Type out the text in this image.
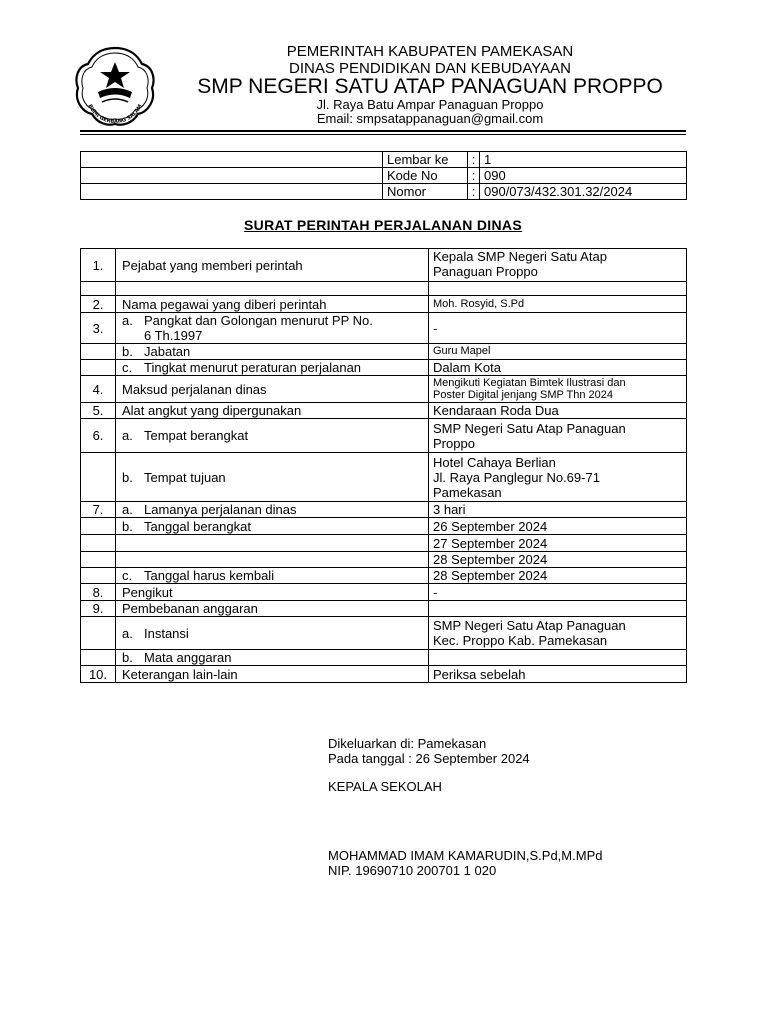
BUMI GERBANG SALAM
PEMERINTAH KABUPATEN PAMEKASAN
DINAS PENDIDIKAN DAN KEBUDAYAAN
SMP NEGERI SATU ATAP PANAGUAN PROPPO
Jl. Raya Batu Ampar Panaguan Proppo
Email: smpsatappanaguan@gmail.com
	Lembar ke	:	1
	Kode No	:	090
	Nomor	:	090/073/432.301.32/2024
SURAT PERINTAH PERJALANAN DINAS
1.	Pejabat yang memberi perintah	Kepala SMP Negeri Satu Atap
Panaguan Proppo

2.	Nama pegawai yang diberi perintah	Moh. Rosyid, S.Pd
3.	a. Pangkat dan Golongan menurut PP No.
6 Th.1997	-
	b. Jabatan	Guru Mapel
	c. Tingkat menurut peraturan perjalanan	Dalam Kota
4.	Maksud perjalanan dinas	Mengikuti Kegiatan Bimtek Ilustrasi dan
Poster Digital jenjang SMP Thn 2024

5.	Alat angkut yang dipergunakan	Kendaraan Roda Dua
6.	a. Tempat berangkat	SMP Negeri Satu Atap Panaguan
Proppo

	b. Tempat tujuan	Hotel Cahaya Berlian
Jl. Raya Panglegur No.69-71
Pamekasan

7.	a. Lamanya perjalanan dinas	3 hari
	b. Tanggal berangkat	26 September 2024
		27 September 2024
		28 September 2024
	c. Tanggal harus kembali	28 September 2024
8.	Pengikut	-
9.	Pembebanan anggaran	
	a. Instansi	SMP Negeri Satu Atap Panaguan
Kec. Proppo Kab. Pamekasan

	b. Mata anggaran	
10.	Keterangan lain-lain	Periksa sebelah
Dikeluarkan di: Pamekasan
Pada tanggal : 26 September 2024
KEPALA SEKOLAH
MOHAMMAD IMAM KAMARUDIN,S.Pd,M.MPd
NIP. 19690710 200701 1 020
